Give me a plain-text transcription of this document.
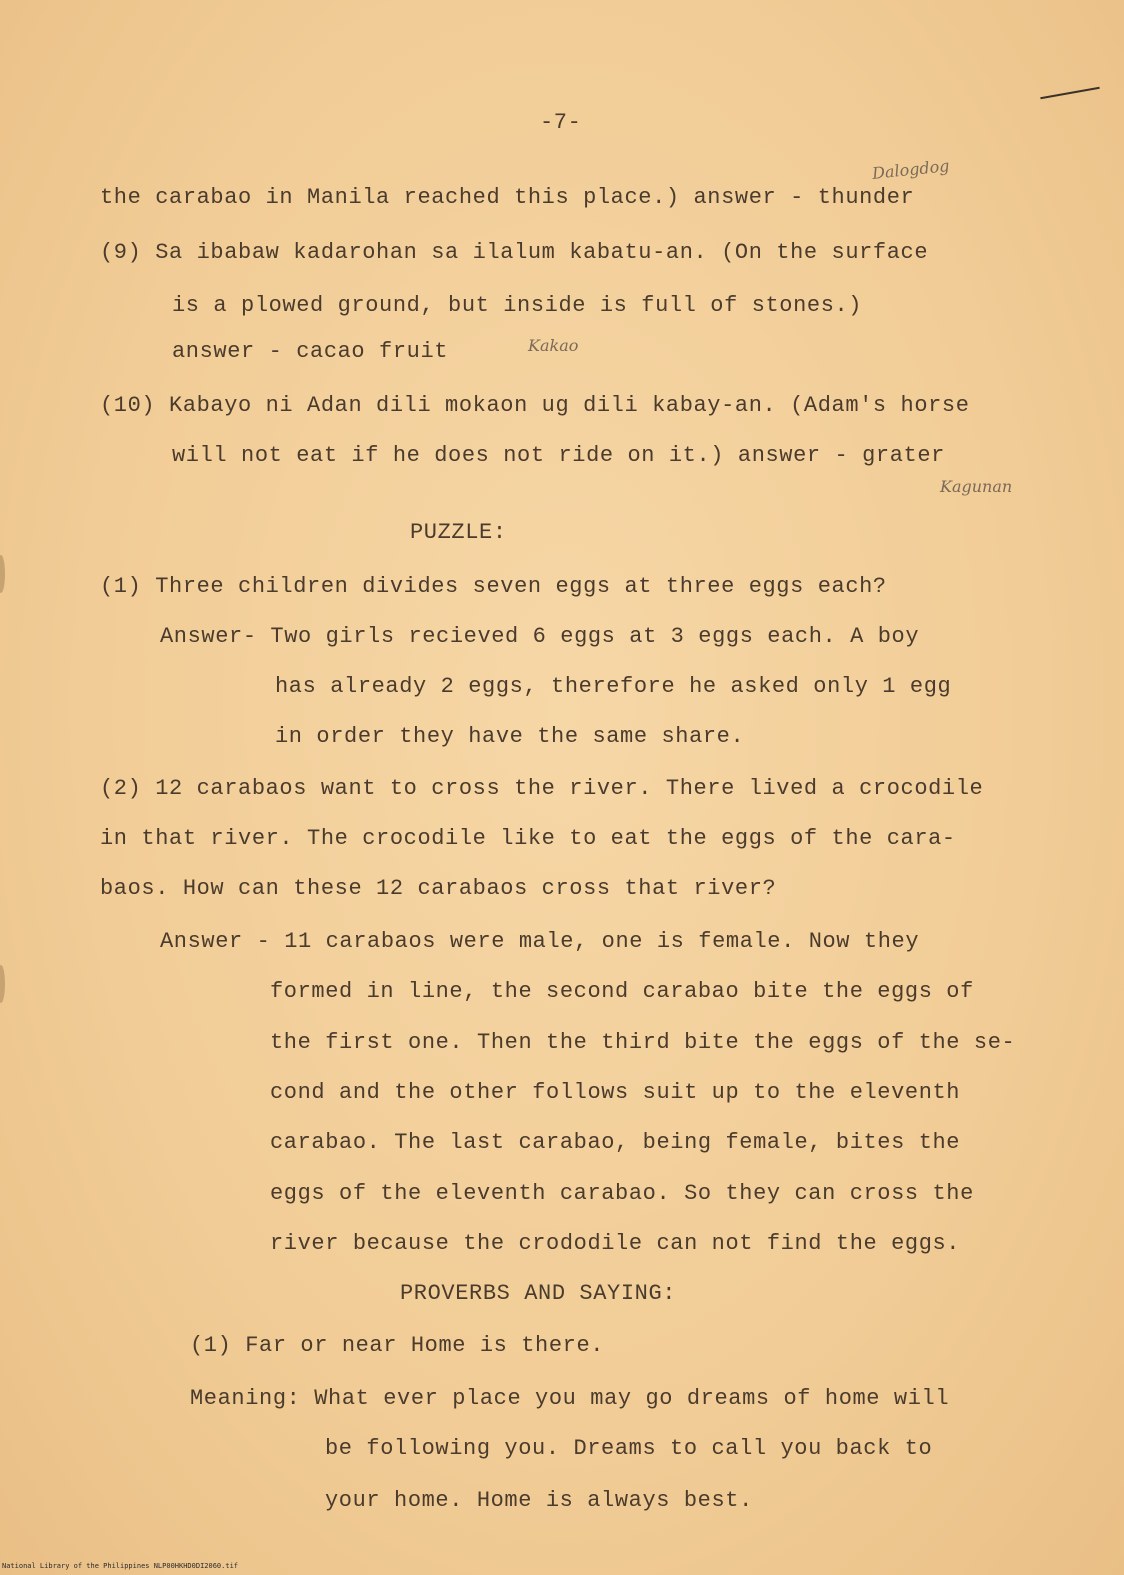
-7-
Dalogdog
the carabao in Manila reached this place.) answer - thunder
(9) Sa ibabaw kadarohan sa ilalum kabatu-an. (On the surface
is a plowed ground, but inside is full of stones.)
answer - cacao fruit	Kakao
(10) Kabayo ni Adan dili mokaon ug dili kabay-an. (Adam's horse
will not eat if he does not ride on it.) answer - grater
Kagunan
PUZZLE:
(1) Three children divides seven eggs at three eggs each?
Answer- Two girls recieved 6 eggs at 3 eggs each. A boy
has already 2 eggs, therefore he asked only 1 egg
in order they have the same share.
(2) 12 carabaos want to cross the river. There lived a crocodile
in that river. The crocodile like to eat the eggs of the cara-
baos. How can these 12 carabaos cross that river?
Answer - 11 carabaos were male, one is female. Now they
formed in line, the second carabao bite the eggs of
the first one. Then the third bite the eggs of the se-
cond and the other follows suit up to the eleventh
carabao. The last carabao, being female, bites the
eggs of the eleventh carabao. So they can cross the
river because the crododile can not find the eggs.
PROVERBS AND SAYING:
(1) Far or near Home is there.
Meaning: What ever place you may go dreams of home will
be following you. Dreams to call you back to
your home. Home is always best.
National Library of the Philippines NLP00HKHD0DI2060.tif
